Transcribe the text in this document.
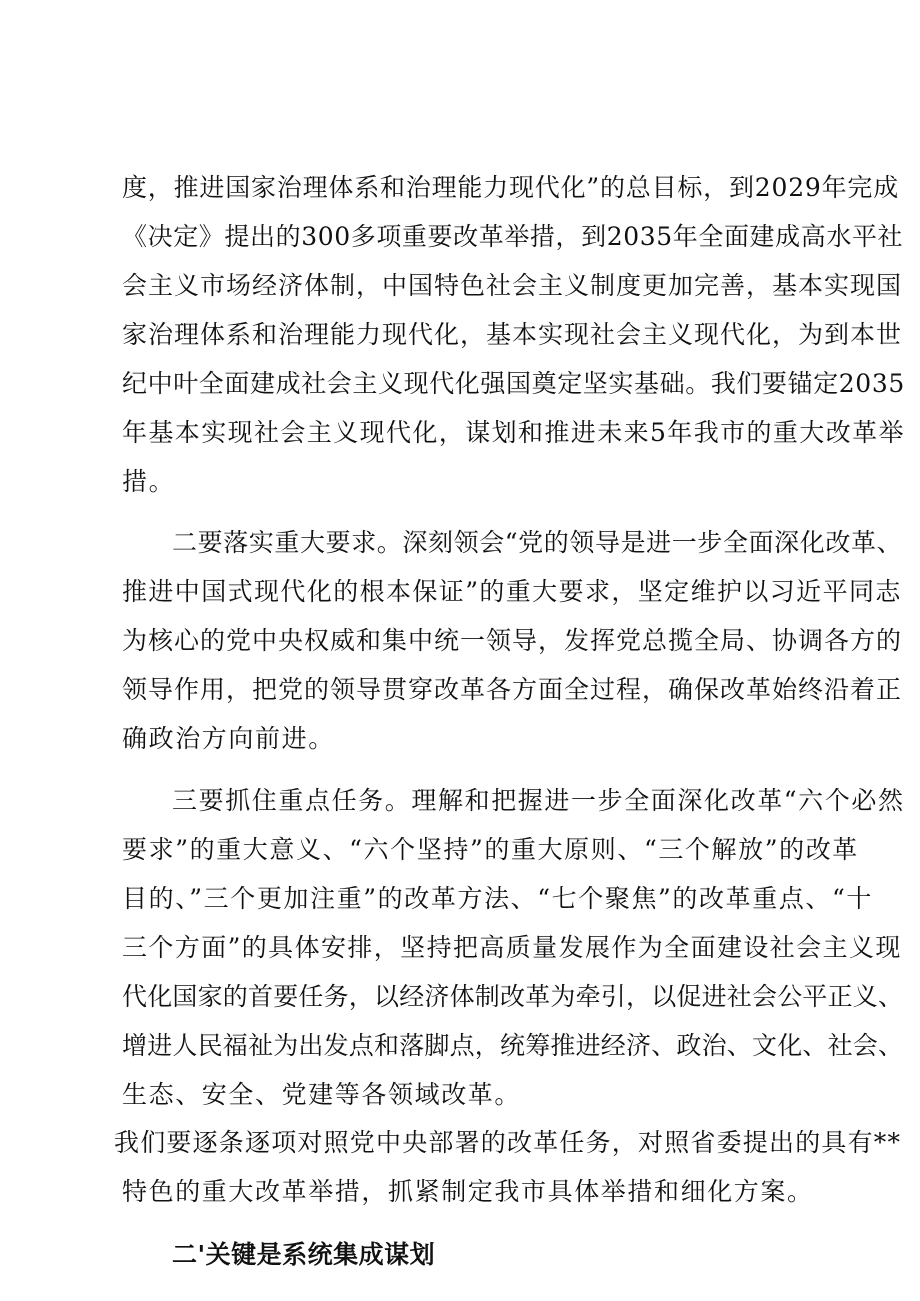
度，推进国家治理体系和治理能力现代化”的总目标，到2029年完成
《决定》提出的300多项重要改革举措，到2035年全面建成高水平社
会主义市场经济体制，中国特色社会主义制度更加完善，基本实现国
家治理体系和治理能力现代化，基本实现社会主义现代化，为到本世
纪中叶全面建成社会主义现代化强国奠定坚实基础。我们要锚定2035
年基本实现社会主义现代化，谋划和推进未来5年我市的重大改革举
措。
二要落实重大要求。深刻领会“党的领导是进一步全面深化改革、
推进中国式现代化的根本保证”的重大要求，坚定维护以习近平同志
为核心的党中央权威和集中统一领导，发挥党总揽全局、协调各方的
领导作用，把党的领导贯穿改革各方面全过程，确保改革始终沿着正
确政治方向前进。
三要抓住重点任务。理解和把握进一步全面深化改革“六个必然
要求”的重大意义、“六个坚持”的重大原则、“三个解放”的改革
目的、”三个更加注重”的改革方法、“七个聚焦”的改革重点、“十
三个方面”的具体安排，坚持把高质量发展作为全面建设社会主义现
代化国家的首要任务，以经济体制改革为牵引，以促进社会公平正义、
增进人民福祉为出发点和落脚点，统筹推进经济、政治、文化、社会、
生态、安全、党建等各领域改革。
我们要逐条逐项对照党中央部署的改革任务，对照省委提出的具有**
特色的重大改革举措，抓紧制定我市具体举措和细化方案。
二'关键是系统集成谋划
